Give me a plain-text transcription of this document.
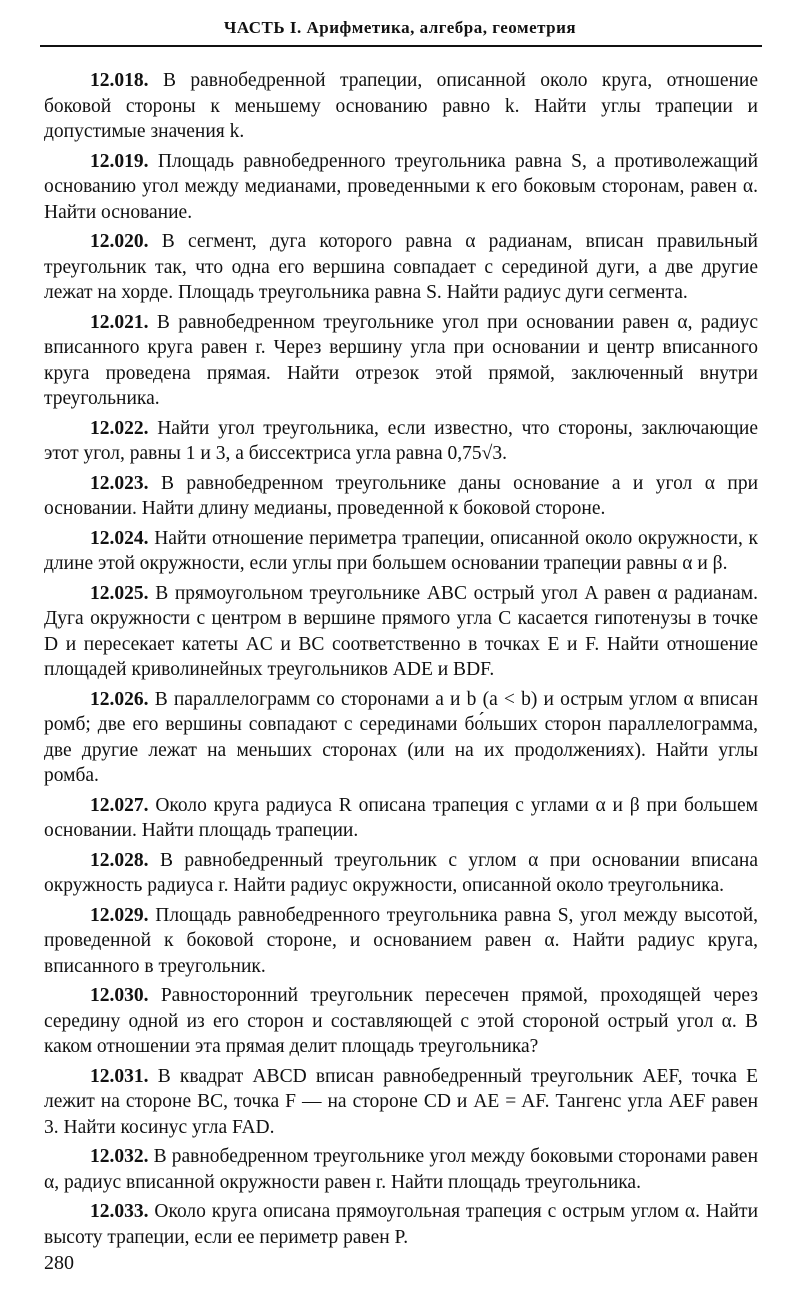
ЧАСТЬ I. Арифметика, алгебра, геометрия

12.018. В равнобедренной трапеции, описанной около круга, отношение боковой стороны к меньшему основанию равно k. Найти углы трапеции и допустимые значения k.

12.019. Площадь равнобедренного треугольника равна S, а противолежащий основанию угол между медианами, проведенными к его боковым сторонам, равен α. Найти основание.

12.020. В сегмент, дуга которого равна α радианам, вписан правильный треугольник так, что одна его вершина совпадает с серединой дуги, а две другие лежат на хорде. Площадь треугольника равна S. Найти радиус дуги сегмента.

12.021. В равнобедренном треугольнике угол при основании равен α, радиус вписанного круга равен r. Через вершину угла при основании и центр вписанного круга проведена прямая. Найти отрезок этой прямой, заключенный внутри треугольника.

12.022. Найти угол треугольника, если известно, что стороны, заключающие этот угол, равны 1 и 3, а биссектриса угла равна 0,75√3.

12.023. В равнобедренном треугольнике даны основание a и угол α при основании. Найти длину медианы, проведенной к боковой стороне.

12.024. Найти отношение периметра трапеции, описанной около окружности, к длине этой окружности, если углы при большем основании трапеции равны α и β.

12.025. В прямоугольном треугольнике ABC острый угол A равен α радианам. Дуга окружности с центром в вершине прямого угла C касается гипотенузы в точке D и пересекает катеты AC и BC соответственно в точках E и F. Найти отношение площадей криволинейных треугольников ADE и BDF.

12.026. В параллелограмм со сторонами a и b (a < b) и острым углом α вписан ромб; две его вершины совпадают с серединами бо́льших сторон параллелограмма, две другие лежат на меньших сторонах (или на их продолжениях). Найти углы ромба.

12.027. Около круга радиуса R описана трапеция с углами α и β при большем основании. Найти площадь трапеции.

12.028. В равнобедренный треугольник с углом α при основании вписана окружность радиуса r. Найти радиус окружности, описанной около треугольника.

12.029. Площадь равнобедренного треугольника равна S, угол между высотой, проведенной к боковой стороне, и основанием равен α. Найти радиус круга, вписанного в треугольник.

12.030. Равносторонний треугольник пересечен прямой, проходящей через середину одной из его сторон и составляющей с этой стороной острый угол α. В каком отношении эта прямая делит площадь треугольника?

12.031. В квадрат ABCD вписан равнобедренный треугольник AEF, точка E лежит на стороне BC, точка F — на стороне CD и AE = AF. Тангенс угла AEF равен 3. Найти косинус угла FAD.

12.032. В равнобедренном треугольнике угол между боковыми сторонами равен α, радиус вписанной окружности равен r. Найти площадь треугольника.

12.033. Около круга описана прямоугольная трапеция с острым углом α. Найти высоту трапеции, если ее периметр равен P.

280
